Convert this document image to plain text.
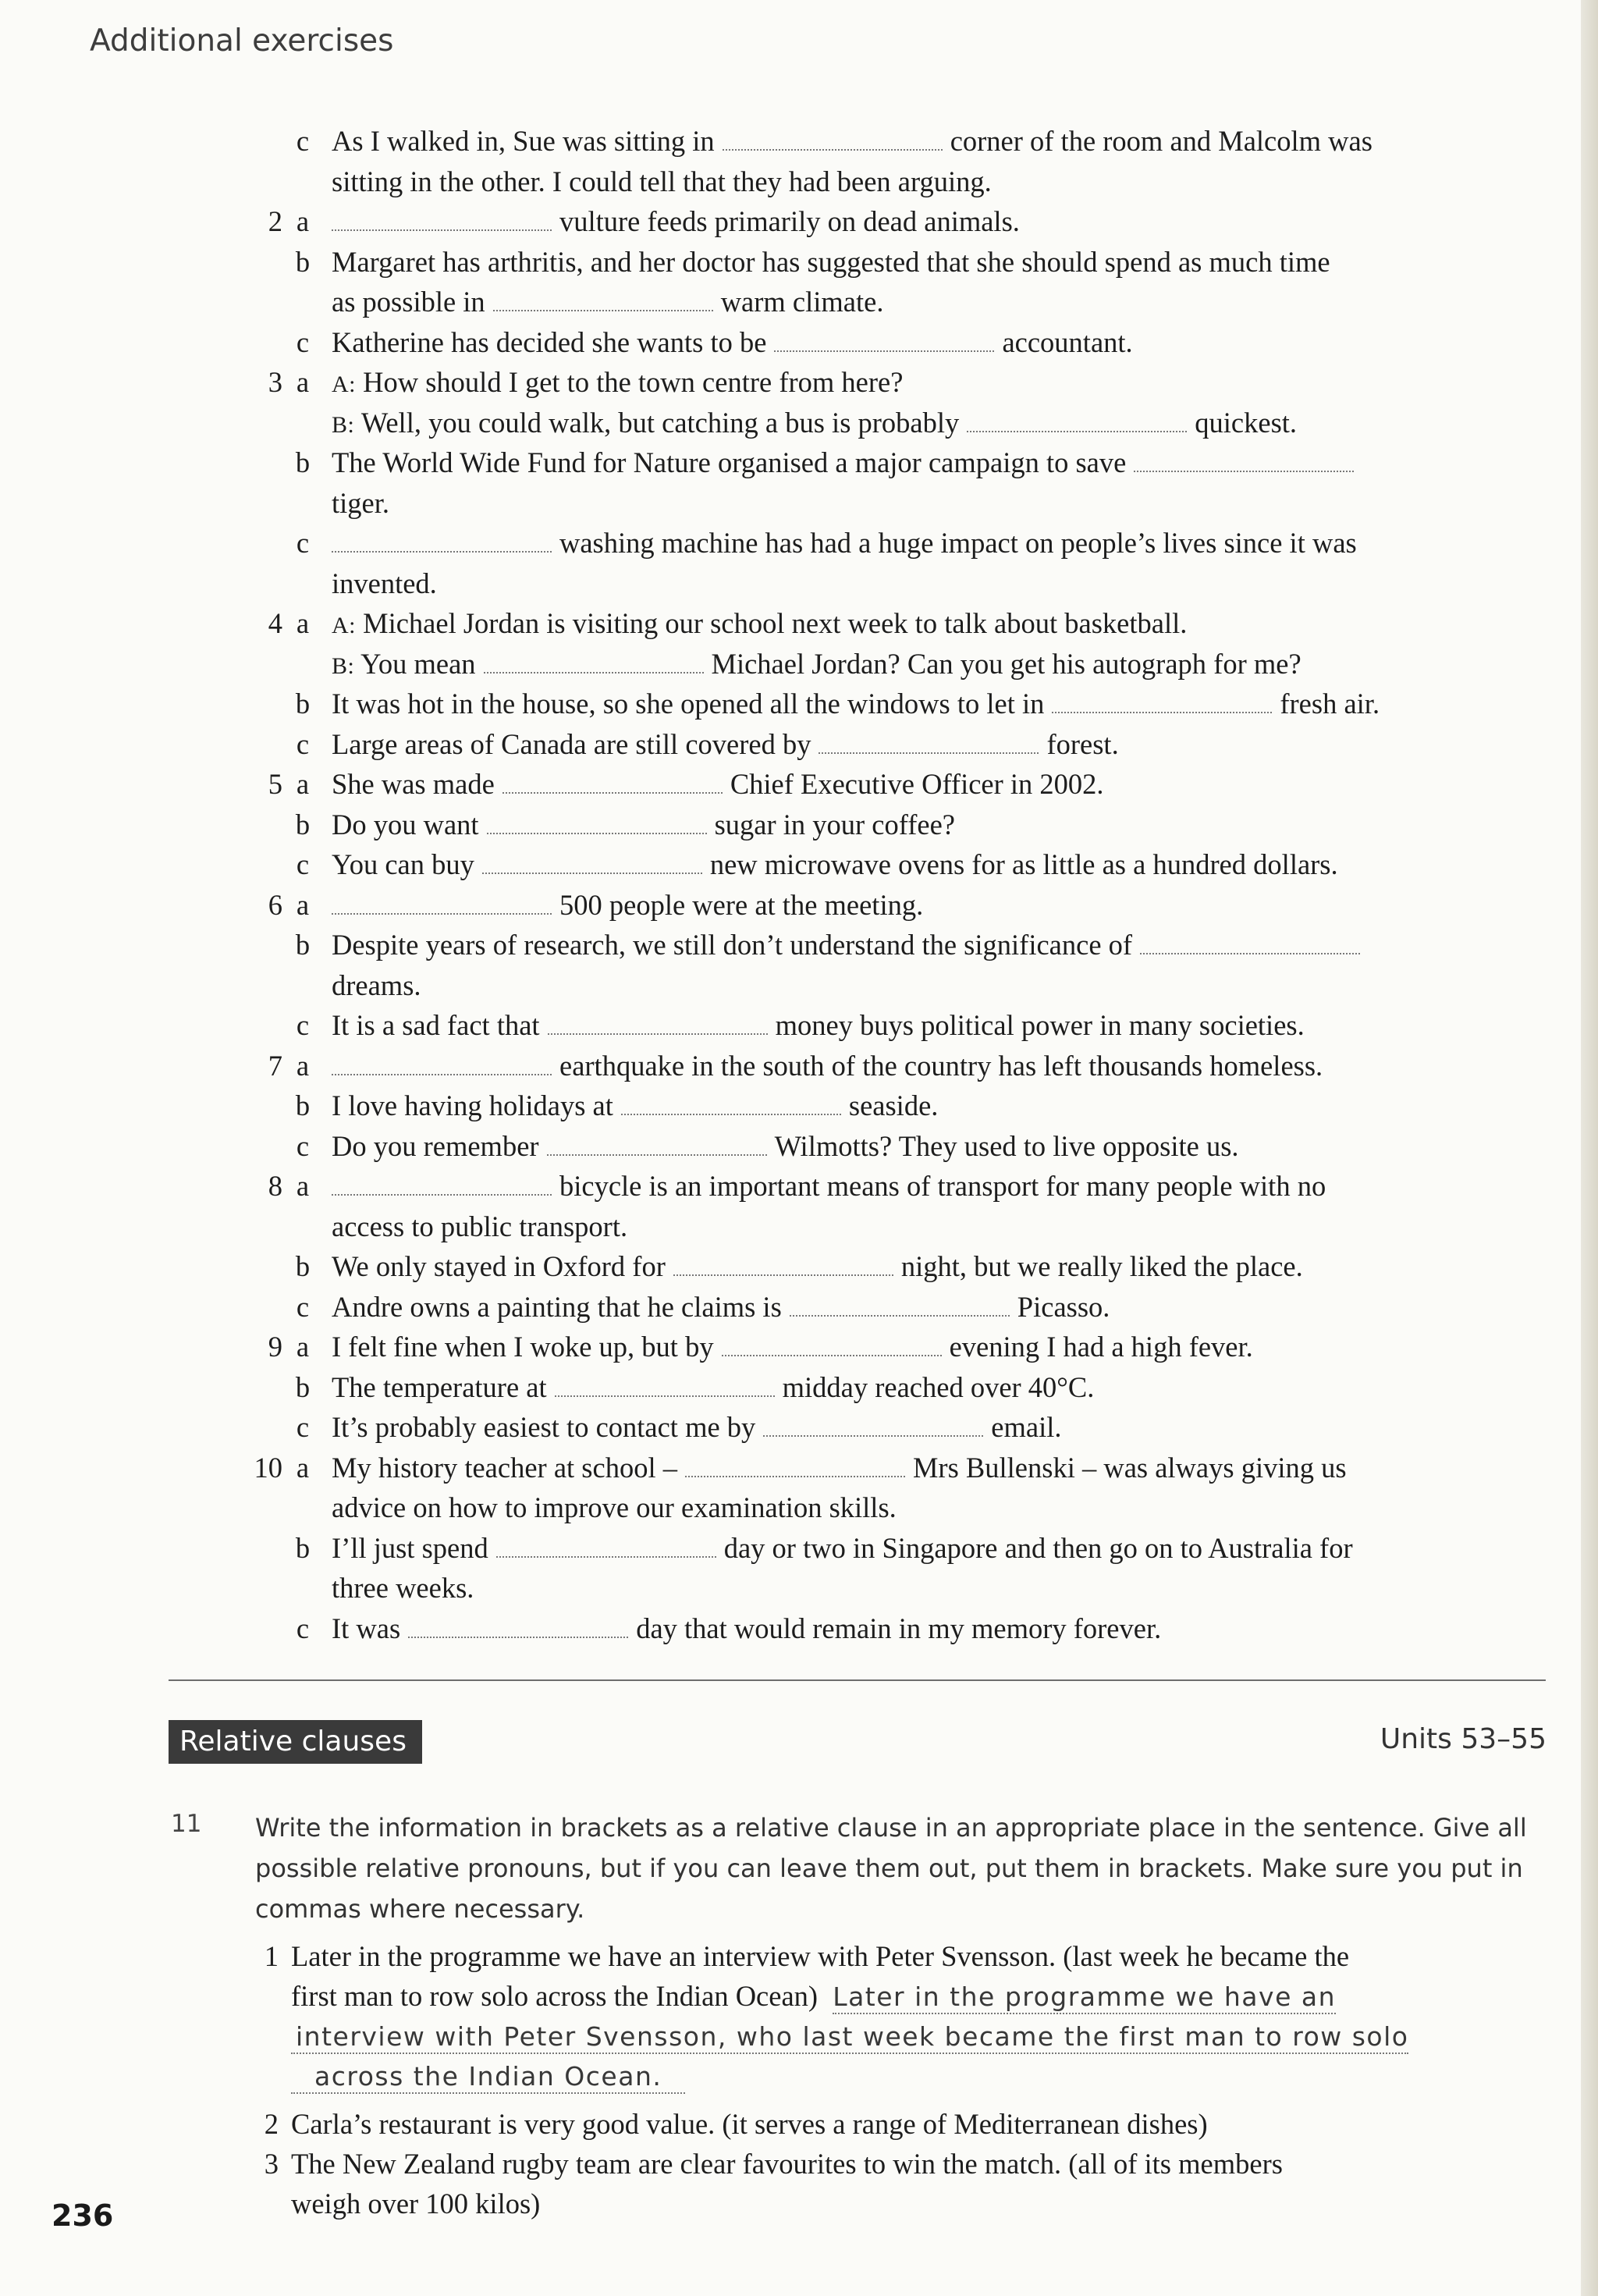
Additional exercises
c As I walked in, Sue was sitting in	corner of the room and Malcolm was
sitting in the other. I could tell that they had been arguing.
2 a	vulture feeds primarily on dead animals.
b Margaret has arthritis, and her doctor has suggested that she should spend as much time
as possible in	warm climate.
c Katherine has decided she wants to be	accountant.
3 a A: How should I get to the town centre from here?
B: Well, you could walk, but catching a bus is probably	quickest.
b The World Wide Fund for Nature organised a major campaign to save
tiger.
c	washing machine has had a huge impact on people’s lives since it was
invented.
4 a A: Michael Jordan is visiting our school next week to talk about basketball.
B: You mean	Michael Jordan? Can you get his autograph for me?
b It was hot in the house, so she opened all the windows to let in	fresh air.
c Large areas of Canada are still covered by	forest.
5 a She was made	Chief Executive Officer in 2002.
b Do you want	sugar in your coffee?
c You can buy	new microwave ovens for as little as a hundred dollars.
6 a	500 people were at the meeting.
b Despite years of research, we still don’t understand the significance of
dreams.
c It is a sad fact that	money buys political power in many societies.
7 a	earthquake in the south of the country has left thousands homeless.
b I love having holidays at	seaside.
c Do you remember	Wilmotts? They used to live opposite us.
8 a	bicycle is an important means of transport for many people with no
access to public transport.
b We only stayed in Oxford for	night, but we really liked the place.
c Andre owns a painting that he claims is	Picasso.
9 a I felt fine when I woke up, but by	evening I had a high fever.
b The temperature at	midday reached over 40°C.
c It’s probably easiest to contact me by	email.
10 a My history teacher at school –	Mrs Bullenski – was always giving us
advice on how to improve our examination skills.
b I’ll just spend	day or two in Singapore and then go on to Australia for
three weeks.
c It was	day that would remain in my memory forever.
Relative clauses	Units 53–55
11 Write the information in brackets as a relative clause in an appropriate place in the sentence. Give all possible relative pronouns, but if you can leave them out, put them in brackets. Make sure you put in commas where necessary.
1 Later in the programme we have an interview with Peter Svensson. (last week he became the
first man to row solo across the Indian Ocean) Later in the programme we have an
interview with Peter Svensson, who last week became the first man to row solo
across the Indian Ocean.
2 Carla’s restaurant is very good value. (it serves a range of Mediterranean dishes)
3 The New Zealand rugby team are clear favourites to win the match. (all of its members
weigh over 100 kilos)
236
